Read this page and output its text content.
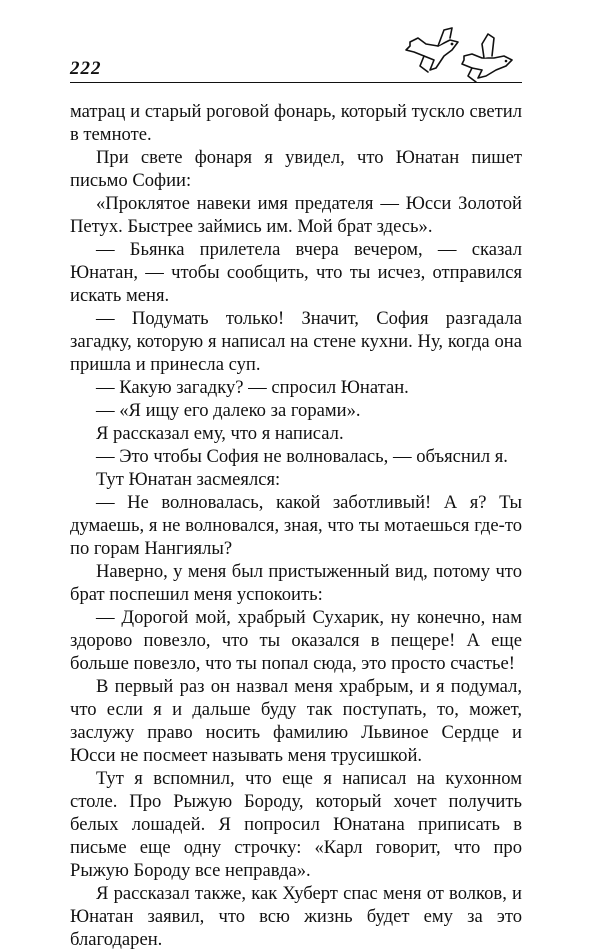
222

матрац и старый роговой фонарь, который тускло светил в темноте.

При свете фонаря я увидел, что Юнатан пишет письмо Софии:

«Проклятое навеки имя предателя — Юсси Золотой Петух. Быстрее займись им. Мой брат здесь».

— Бьянка прилетела вчера вечером, — сказал Юнатан, — чтобы сообщить, что ты исчез, отправился искать меня.

— Подумать только! Значит, София разгадала загадку, которую я написал на стене кухни. Ну, когда она пришла и принесла суп.

— Какую загадку? — спросил Юнатан.

— «Я ищу его далеко за горами».

Я рассказал ему, что я написал.

— Это чтобы София не волновалась, — объяснил я.

Тут Юнатан засмеялся:

— Не волновалась, какой заботливый! А я? Ты думаешь, я не волновался, зная, что ты мотаешься где-то по горам Нангиялы?

Наверно, у меня был пристыженный вид, потому что брат поспешил меня успокоить:

— Дорогой мой, храбрый Сухарик, ну конечно, нам здорово повезло, что ты оказался в пещере! А еще больше повезло, что ты попал сюда, это просто счастье!

В первый раз он назвал меня храбрым, и я подумал, что если я и дальше буду так поступать, то, может, заслужу право носить фамилию Львиное Сердце и Юсси не посмеет называть меня трусишкой.

Тут я вспомнил, что еще я написал на кухонном столе. Про Рыжую Бороду, который хочет получить белых лошадей. Я попросил Юнатана приписать в письме еще одну строчку: «Карл говорит, что про Рыжую Бороду все неправда».

Я рассказал также, как Хуберт спас меня от волков, и Юнатан заявил, что всю жизнь будет ему за это благодарен.
